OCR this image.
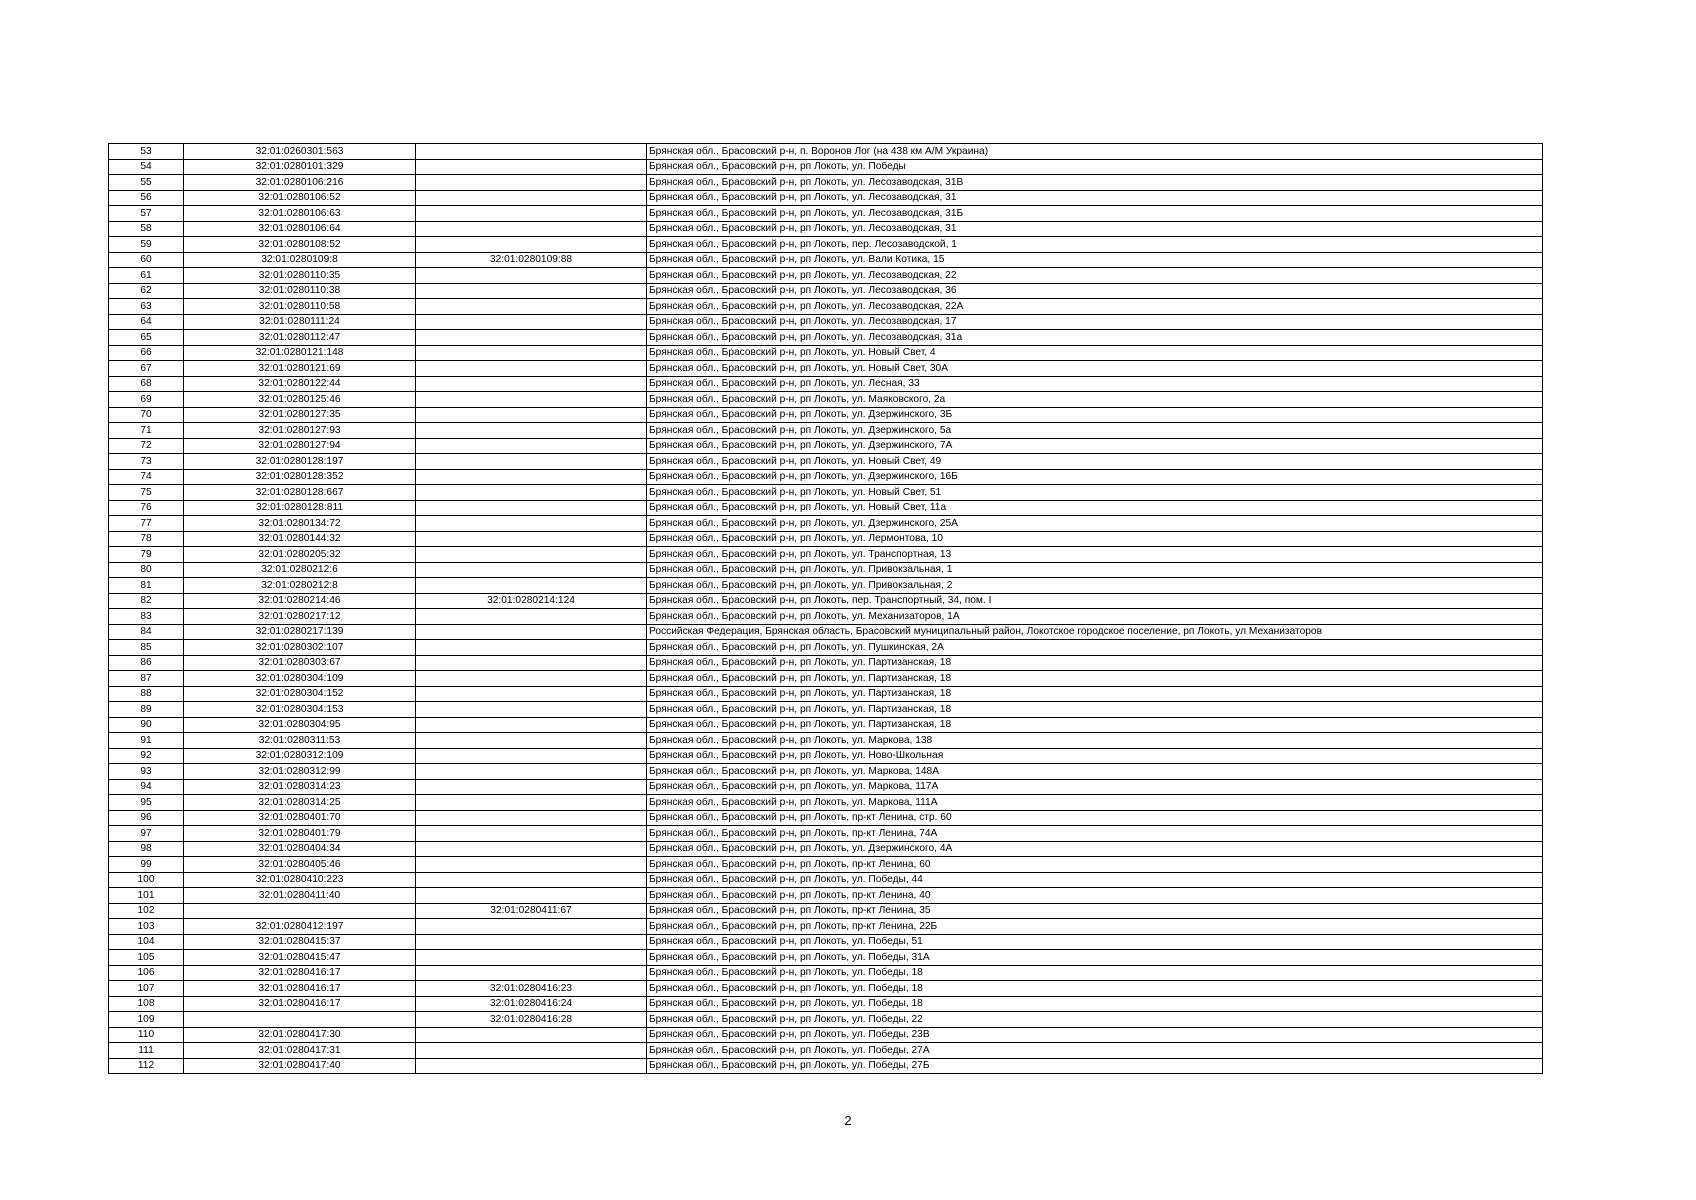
53	32:01:0260301:563		Брянская обл., Брасовский р-н, п. Воронов Лог (на 438 км А/М Украина)
54	32:01:0280101:329		Брянская обл., Брасовский р-н, рп Локоть, ул. Победы
55	32:01:0280106:216		Брянская обл., Брасовский р-н, рп Локоть, ул. Лесозаводская, 31В
56	32:01:0280106:52		Брянская обл., Брасовский р-н, рп Локоть, ул. Лесозаводская, 31
57	32:01:0280106:63		Брянская обл., Брасовский р-н, рп Локоть, ул. Лесозаводская, 31Б
58	32:01:0280106:64		Брянская обл., Брасовский р-н, рп Локоть, ул. Лесозаводская, 31
59	32:01:0280108:52		Брянская обл., Брасовский р-н, рп Локоть, пер. Лесозаводской, 1
60	32:01:0280109:8	32:01:0280109:88	Брянская обл., Брасовский р-н, рп Локоть, ул. Вали Котика, 15
61	32:01:0280110:35		Брянская обл., Брасовский р-н, рп Локоть, ул. Лесозаводская, 22
62	32:01:0280110:38		Брянская обл., Брасовский р-н, рп Локоть, ул. Лесозаводская, 36
63	32:01:0280110:58		Брянская обл., Брасовский р-н, рп Локоть, ул. Лесозаводская, 22А
64	32:01:0280111:24		Брянская обл., Брасовский р-н, рп Локоть, ул. Лесозаводская, 17
65	32:01:0280112:47		Брянская обл., Брасовский р-н, рп Локоть, ул. Лесозаводская, 31а
66	32:01:0280121:148		Брянская обл., Брасовский р-н, рп Локоть, ул. Новый Свет, 4
67	32:01:0280121:69		Брянская обл., Брасовский р-н, рп Локоть, ул. Новый Свет, 30А
68	32:01:0280122:44		Брянская обл., Брасовский р-н, рп Локоть, ул. Лесная, 33
69	32:01:0280125:46		Брянская обл., Брасовский р-н, рп Локоть, ул. Маяковского, 2а
70	32:01:0280127:35		Брянская обл., Брасовский р-н, рп Локоть, ул. Дзержинского, 3Б
71	32:01:0280127:93		Брянская обл., Брасовский р-н, рп Локоть, ул. Дзержинского, 5а
72	32:01:0280127:94		Брянская обл., Брасовский р-н, рп Локоть, ул. Дзержинского, 7А
73	32:01:0280128:197		Брянская обл., Брасовский р-н, рп Локоть, ул. Новый Свет, 49
74	32:01:0280128:352		Брянская обл., Брасовский р-н, рп Локоть, ул. Дзержинского, 16Б
75	32:01:0280128:667		Брянская обл., Брасовский р-н, рп Локоть, ул. Новый Свет, 51
76	32:01:0280128:811		Брянская обл., Брасовский р-н, рп Локоть, ул. Новый Свет, 11а
77	32:01:0280134:72		Брянская обл., Брасовский р-н, рп Локоть, ул. Дзержинского, 25А
78	32:01:0280144:32		Брянская обл., Брасовский р-н, рп Локоть, ул. Лермонтова, 10
79	32:01:0280205:32		Брянская обл., Брасовский р-н, рп Локоть, ул. Транспортная, 13
80	32:01:0280212:6		Брянская обл., Брасовский р-н, рп Локоть, ул. Привокзальная, 1
81	32:01:0280212:8		Брянская обл., Брасовский р-н, рп Локоть, ул. Привокзальная, 2
82	32:01:0280214:46	32:01:0280214:124	Брянская обл., Брасовский р-н, рп Локоть, пер. Транспортный, 34, пом. I
83	32:01:0280217:12		Брянская обл., Брасовский р-н, рп Локоть, ул. Механизаторов, 1А
84	32:01:0280217:139		Российская Федерация, Брянская область, Брасовский муниципальный район, Локотское городское поселение, рп Локоть, ул Механизаторов
85	32:01:0280302:107		Брянская обл., Брасовский р-н, рп Локоть, ул. Пушкинская, 2А
86	32:01:0280303:67		Брянская обл., Брасовский р-н, рп Локоть, ул. Партизанская, 18
87	32:01:0280304:109		Брянская обл., Брасовский р-н, рп Локоть, ул. Партизанская, 18
88	32:01:0280304:152		Брянская обл., Брасовский р-н, рп Локоть, ул. Партизанская, 18
89	32:01:0280304:153		Брянская обл., Брасовский р-н, рп Локоть, ул. Партизанская, 18
90	32:01:0280304:95		Брянская обл., Брасовский р-н, рп Локоть, ул. Партизанская, 18
91	32:01:0280311:53		Брянская обл., Брасовский р-н, рп Локоть, ул. Маркова, 138
92	32:01:0280312:109		Брянская обл., Брасовский р-н, рп Локоть, ул. Ново-Школьная
93	32:01:0280312:99		Брянская обл., Брасовский р-н, рп Локоть, ул. Маркова, 148А
94	32:01:0280314:23		Брянская обл., Брасовский р-н, рп Локоть, ул. Маркова, 117А
95	32:01:0280314:25		Брянская обл., Брасовский р-н, рп Локоть, ул. Маркова, 111А
96	32:01:0280401:70		Брянская обл., Брасовский р-н, рп Локоть, пр-кт Ленина, стр. 60
97	32:01:0280401:79		Брянская обл., Брасовский р-н, рп Локоть, пр-кт Ленина, 74А
98	32:01:0280404:34		Брянская обл., Брасовский р-н, рп Локоть, ул. Дзержинского, 4А
99	32:01:0280405:46		Брянская обл., Брасовский р-н, рп Локоть, пр-кт Ленина, 60
100	32:01:0280410:223		Брянская обл., Брасовский р-н, рп Локоть, ул. Победы, 44
101	32:01:0280411:40		Брянская обл., Брасовский р-н, рп Локоть, пр-кт Ленина, 40
102		32:01:0280411:67	Брянская обл., Брасовский р-н, рп Локоть, пр-кт Ленина, 35
103	32:01:0280412:197		Брянская обл., Брасовский р-н, рп Локоть, пр-кт Ленина, 22Б
104	32:01:0280415:37		Брянская обл., Брасовский р-н, рп Локоть, ул. Победы, 51
105	32:01:0280415:47		Брянская обл., Брасовский р-н, рп Локоть, ул. Победы, 31А
106	32:01:0280416:17		Брянская обл., Брасовский р-н, рп Локоть, ул. Победы, 18
107	32:01:0280416:17	32:01:0280416:23	Брянская обл., Брасовский р-н, рп Локоть, ул. Победы, 18
108	32:01:0280416:17	32:01:0280416:24	Брянская обл., Брасовский р-н, рп Локоть, ул. Победы, 18
109		32:01:0280416:28	Брянская обл., Брасовский р-н, рп Локоть, ул. Победы, 22
110	32:01:0280417:30		Брянская обл., Брасовский р-н, рп Локоть, ул. Победы, 23В
111	32:01:0280417:31		Брянская обл., Брасовский р-н, рп Локоть, ул. Победы, 27А
112	32:01:0280417:40		Брянская обл., Брасовский р-н, рп Локоть, ул. Победы, 27Б
2
